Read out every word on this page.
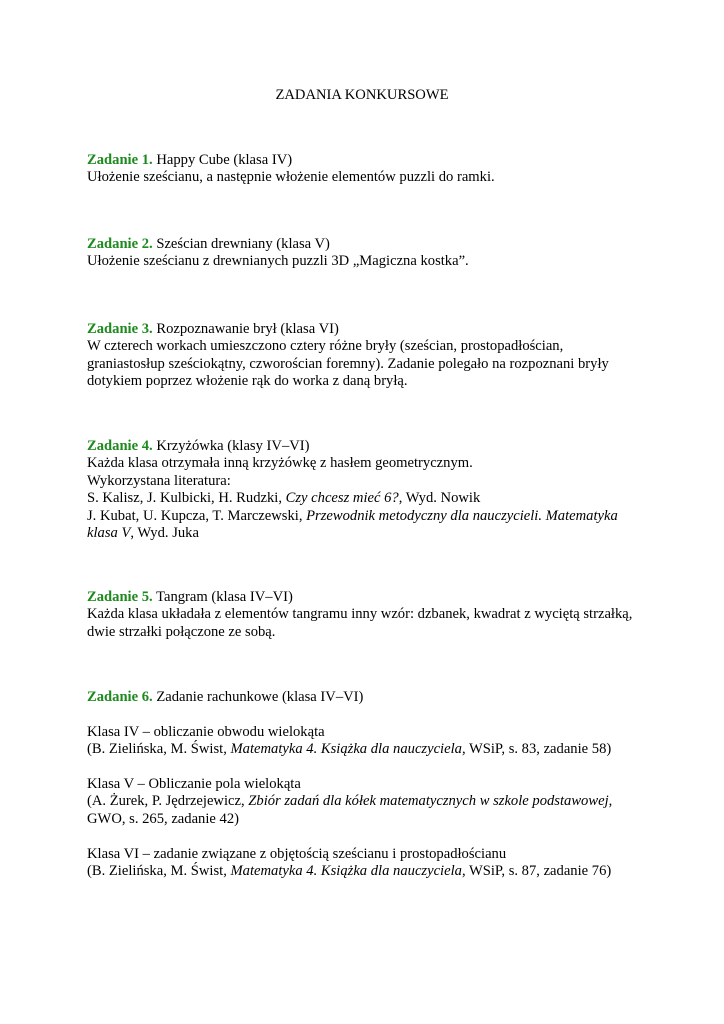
ZADANIA KONKURSOWE
Zadanie 1. Happy Cube (klasa IV)
Ułożenie sześcianu, a następnie włożenie elementów puzzli do ramki.
Zadanie 2. Sześcian drewniany (klasa V)
Ułożenie sześcianu z drewnianych puzzli 3D „Magiczna kostka”.
Zadanie 3. Rozpoznawanie brył (klasa VI)
W czterech workach umieszczono cztery różne bryły (sześcian, prostopadłościan,
graniastosłup sześciokątny, czworościan foremny). Zadanie polegało na rozpoznani bryły
dotykiem poprzez włożenie rąk do worka z daną bryłą.
Zadanie 4. Krzyżówka (klasy IV–VI)
Każda klasa otrzymała inną krzyżówkę z hasłem geometrycznym.
Wykorzystana literatura:
S. Kalisz, J. Kulbicki, H. Rudzki, Czy chcesz mieć 6?, Wyd. Nowik
J. Kubat, U. Kupcza, T. Marczewski, Przewodnik metodyczny dla nauczycieli. Matematyka
klasa V, Wyd. Juka
Zadanie 5. Tangram (klasa IV–VI)
Każda klasa układała z elementów tangramu inny wzór: dzbanek, kwadrat z wyciętą strzałką,
dwie strzałki połączone ze sobą.
Zadanie 6. Zadanie rachunkowe (klasa IV–VI)
Klasa IV – obliczanie obwodu wielokąta
(B. Zielińska, M. Świst, Matematyka 4. Książka dla nauczyciela, WSiP, s. 83, zadanie 58)
Klasa V – Obliczanie pola wielokąta
(A. Żurek, P. Jędrzejewicz, Zbiór zadań dla kółek matematycznych w szkole podstawowej,
GWO, s. 265, zadanie 42)
Klasa VI – zadanie związane z objętością sześcianu i prostopadłościanu
(B. Zielińska, M. Świst, Matematyka 4. Książka dla nauczyciela, WSiP, s. 87, zadanie 76)
